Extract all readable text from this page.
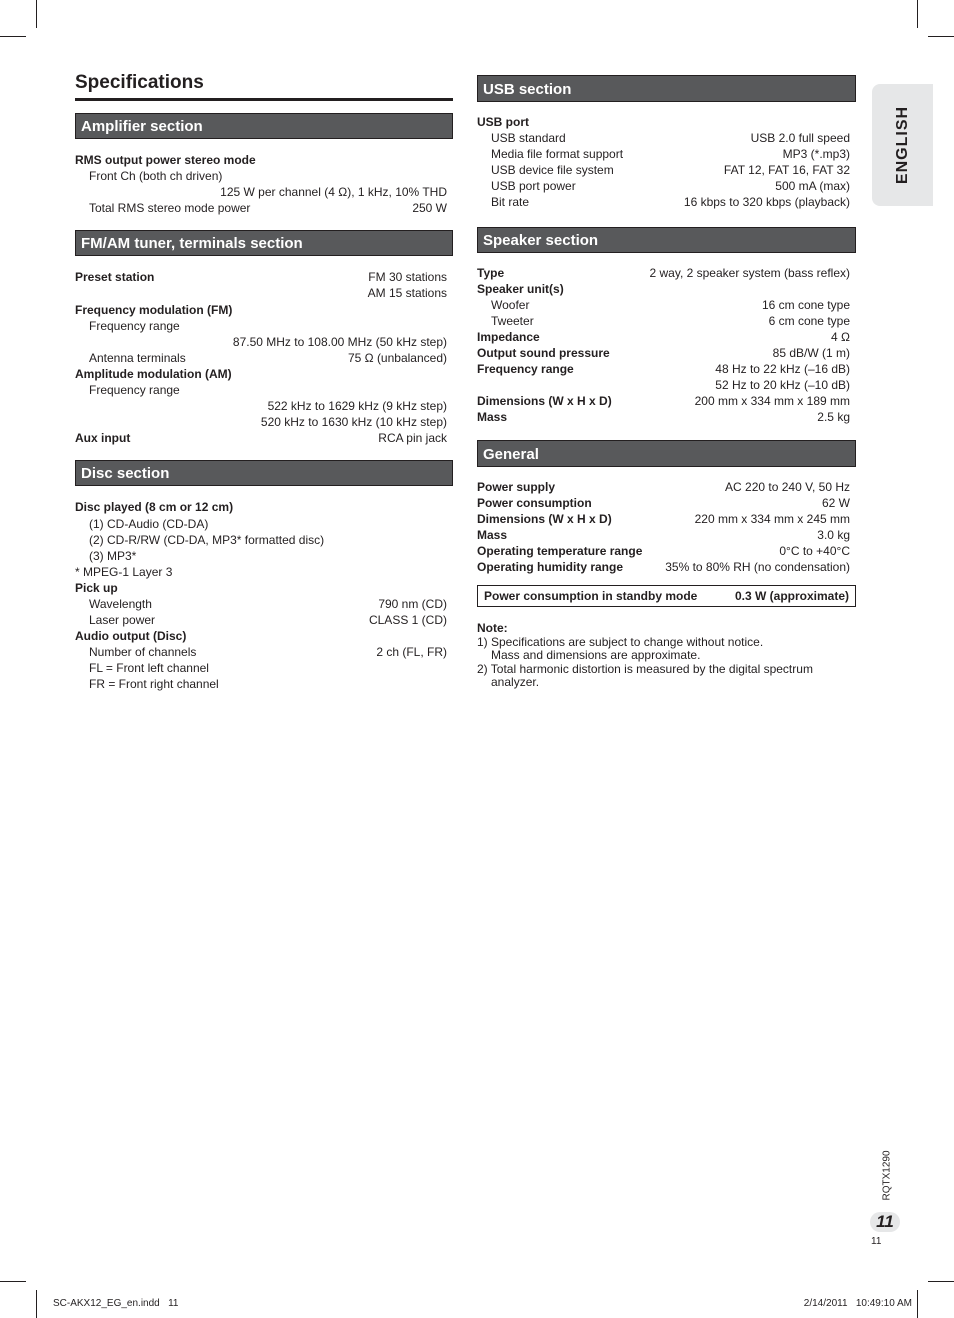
Specifications
Amplifier section
RMS output power stereo mode
Front Ch (both ch driven)
125 W per channel (4 Ω), 1 kHz, 10% THD
Total RMS stereo mode power	250 W
FM/AM tuner, terminals section
Preset station	FM 30 stations
AM 15 stations
Frequency modulation (FM)
Frequency range
87.50 MHz to 108.00 MHz (50 kHz step)
Antenna terminals	75 Ω (unbalanced)
Amplitude modulation (AM)
Frequency range
522 kHz to 1629 kHz (9 kHz step)
520 kHz to 1630 kHz (10 kHz step)
Aux input	RCA pin jack
Disc section
Disc played (8 cm or 12 cm)
(1) CD-Audio (CD-DA)
(2) CD-R/RW (CD-DA, MP3* formatted disc)
(3) MP3*
* MPEG-1 Layer 3
Pick up
Wavelength	790 nm (CD)
Laser power	CLASS 1 (CD)
Audio output (Disc)
Number of channels	2 ch (FL, FR)
FL = Front left channel
FR = Front right channel
USB section
USB port
USB standard	USB 2.0 full speed
Media file format support	MP3 (*.mp3)
USB device file system	FAT 12, FAT 16, FAT 32
USB port power	500 mA (max)
Bit rate	16 kbps to 320 kbps (playback)
Speaker section
Type	2 way, 2 speaker system (bass reflex)
Speaker unit(s)
Woofer	16 cm cone type
Tweeter	6 cm cone type
Impedance	4 Ω
Output sound pressure	85 dB/W (1 m)
Frequency range	48 Hz to 22 kHz (–16 dB)
52 Hz to 20 kHz (–10 dB)
Dimensions (W x H x D)	200 mm x 334 mm x 189 mm
Mass	2.5 kg
General
Power supply	AC 220 to 240 V, 50 Hz
Power consumption	62 W
Dimensions (W x H x D)	220 mm x 334 mm x 245 mm
Mass	3.0 kg
Operating temperature range	0°C to +40°C
Operating humidity range	35% to 80% RH (no condensation)
Power consumption in standby mode	0.3 W (approximate)
Note:
1) Specifications are subject to change without notice.
Mass and dimensions are approximate.
2) Total harmonic distortion is measured by the digital spectrum
analyzer.
ENGLISH
RQTX1290
11
11
SC-AKX12_EG_en.indd   11	2/14/2011   10:49:10 AM
